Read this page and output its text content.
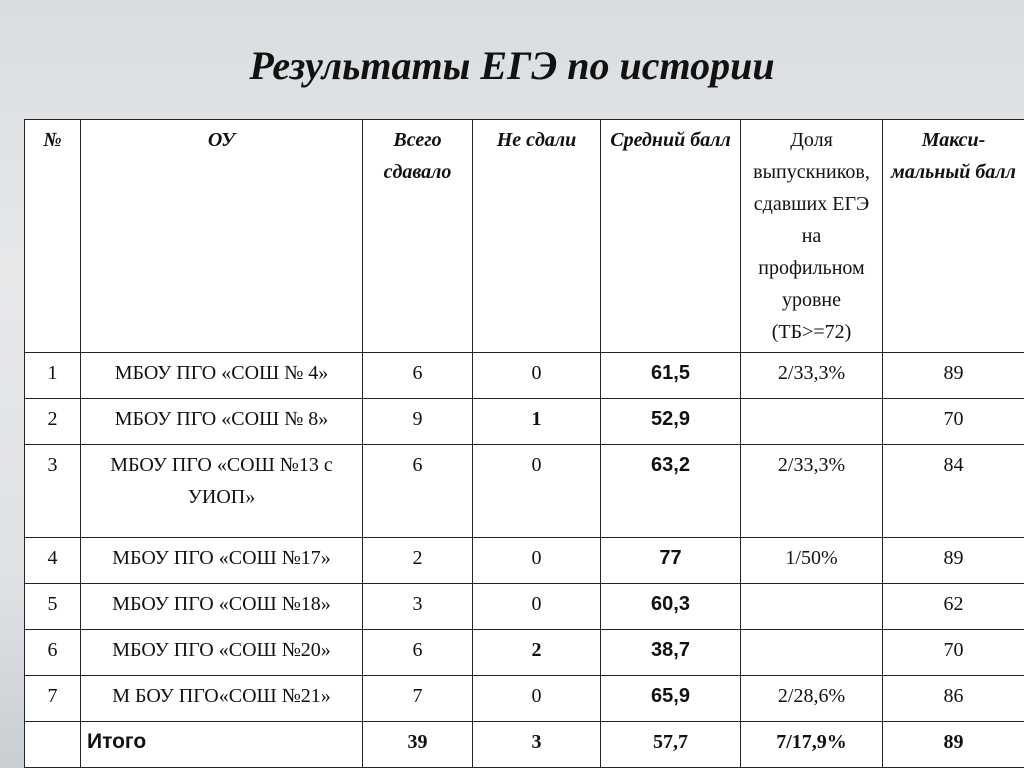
Результаты ЕГЭ по истории
№	ОУ	Всего сдавало	Не сдали	Средний балл	Доля выпускников, сдавших ЕГЭ на профильном уровне (ТБ>=72)	Макси-мальный балл
1	МБОУ ПГО «СОШ № 4»	6	0	61,5	2/33,3%	89
2	МБОУ ПГО «СОШ № 8»	9	1	52,9		70
3	МБОУ ПГО «СОШ №13 с УИОП»	6	0	63,2	2/33,3%	84
4	МБОУ ПГО «СОШ №17»	2	0	77	1/50%	89
5	МБОУ ПГО «СОШ №18»	3	0	60,3		62
6	МБОУ ПГО «СОШ №20»	6	2	38,7		70
7	М БОУ ПГО«СОШ №21»	7	0	65,9	2/28,6%	86
	Итого	39	3	57,7	7/17,9%	89
